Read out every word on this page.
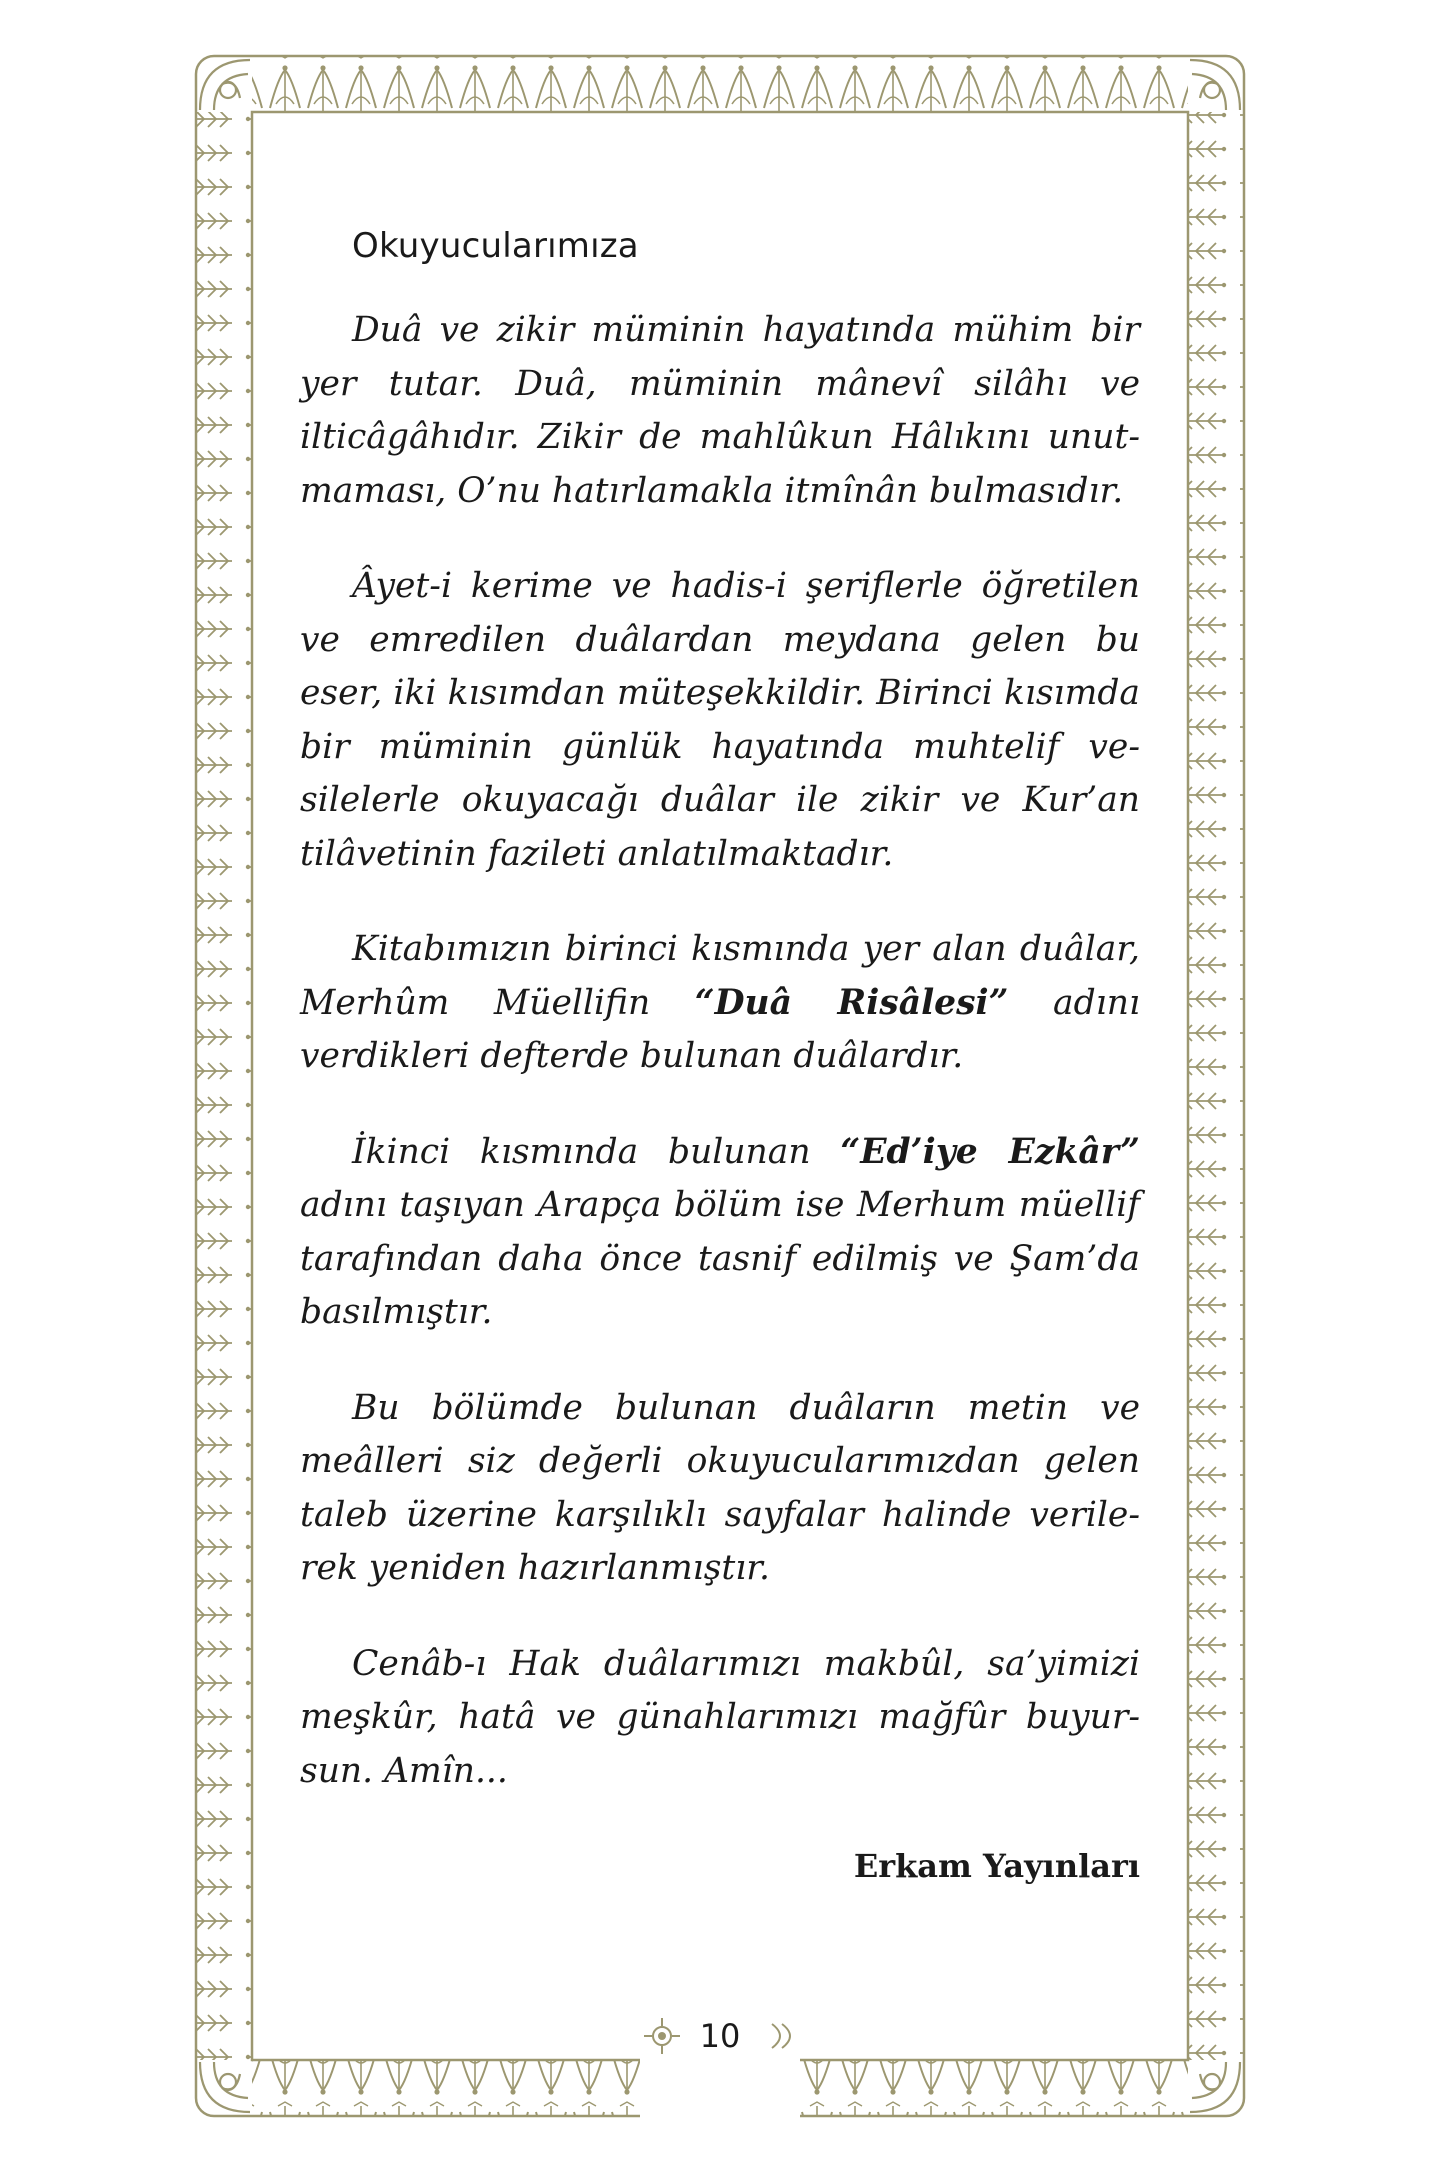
Okuyucularımıza

Duâ ve zikir müminin hayatında mühim bir yer tutar. Duâ, müminin mânevî silâhı ve ilticâgâhıdır. Zikir de mahlûkun Hâlıkını unutmaması, O’nu hatırlamakla itmînân bulmasıdır.

Âyet-i kerime ve hadis-i şeriflerle öğretilen ve emredilen duâlardan meydana gelen bu eser, iki kısımdan müteşekkildir. Birinci kısımda bir müminin günlük hayatında muhtelif vesilelerle okuyacağı duâlar ile zikir ve Kur’an tilâvetinin fazileti anlatılmaktadır.

Kitabımızın birinci kısmında yer alan duâlar, Merhûm Müellifin “Duâ Risâlesi” adını verdikleri defterde bulunan duâlardır.

İkinci kısmında bulunan “Ed’iye Ezkâr” adını taşıyan Arapça bölüm ise Merhum müellif tarafından daha önce tasnif edilmiş ve Şam’da basılmıştır.

Bu bölümde bulunan duâların metin ve meâlleri siz değerli okuyucularımızdan gelen taleb üzerine karşılıklı sayfalar halinde verilerek yeniden hazırlanmıştır.

Cenâb-ı Hak duâlarımızı makbûl, sa’yimizi meşkûr, hatâ ve günahlarımızı mağfûr buyursun. Amîn...

Erkam Yayınları
10
